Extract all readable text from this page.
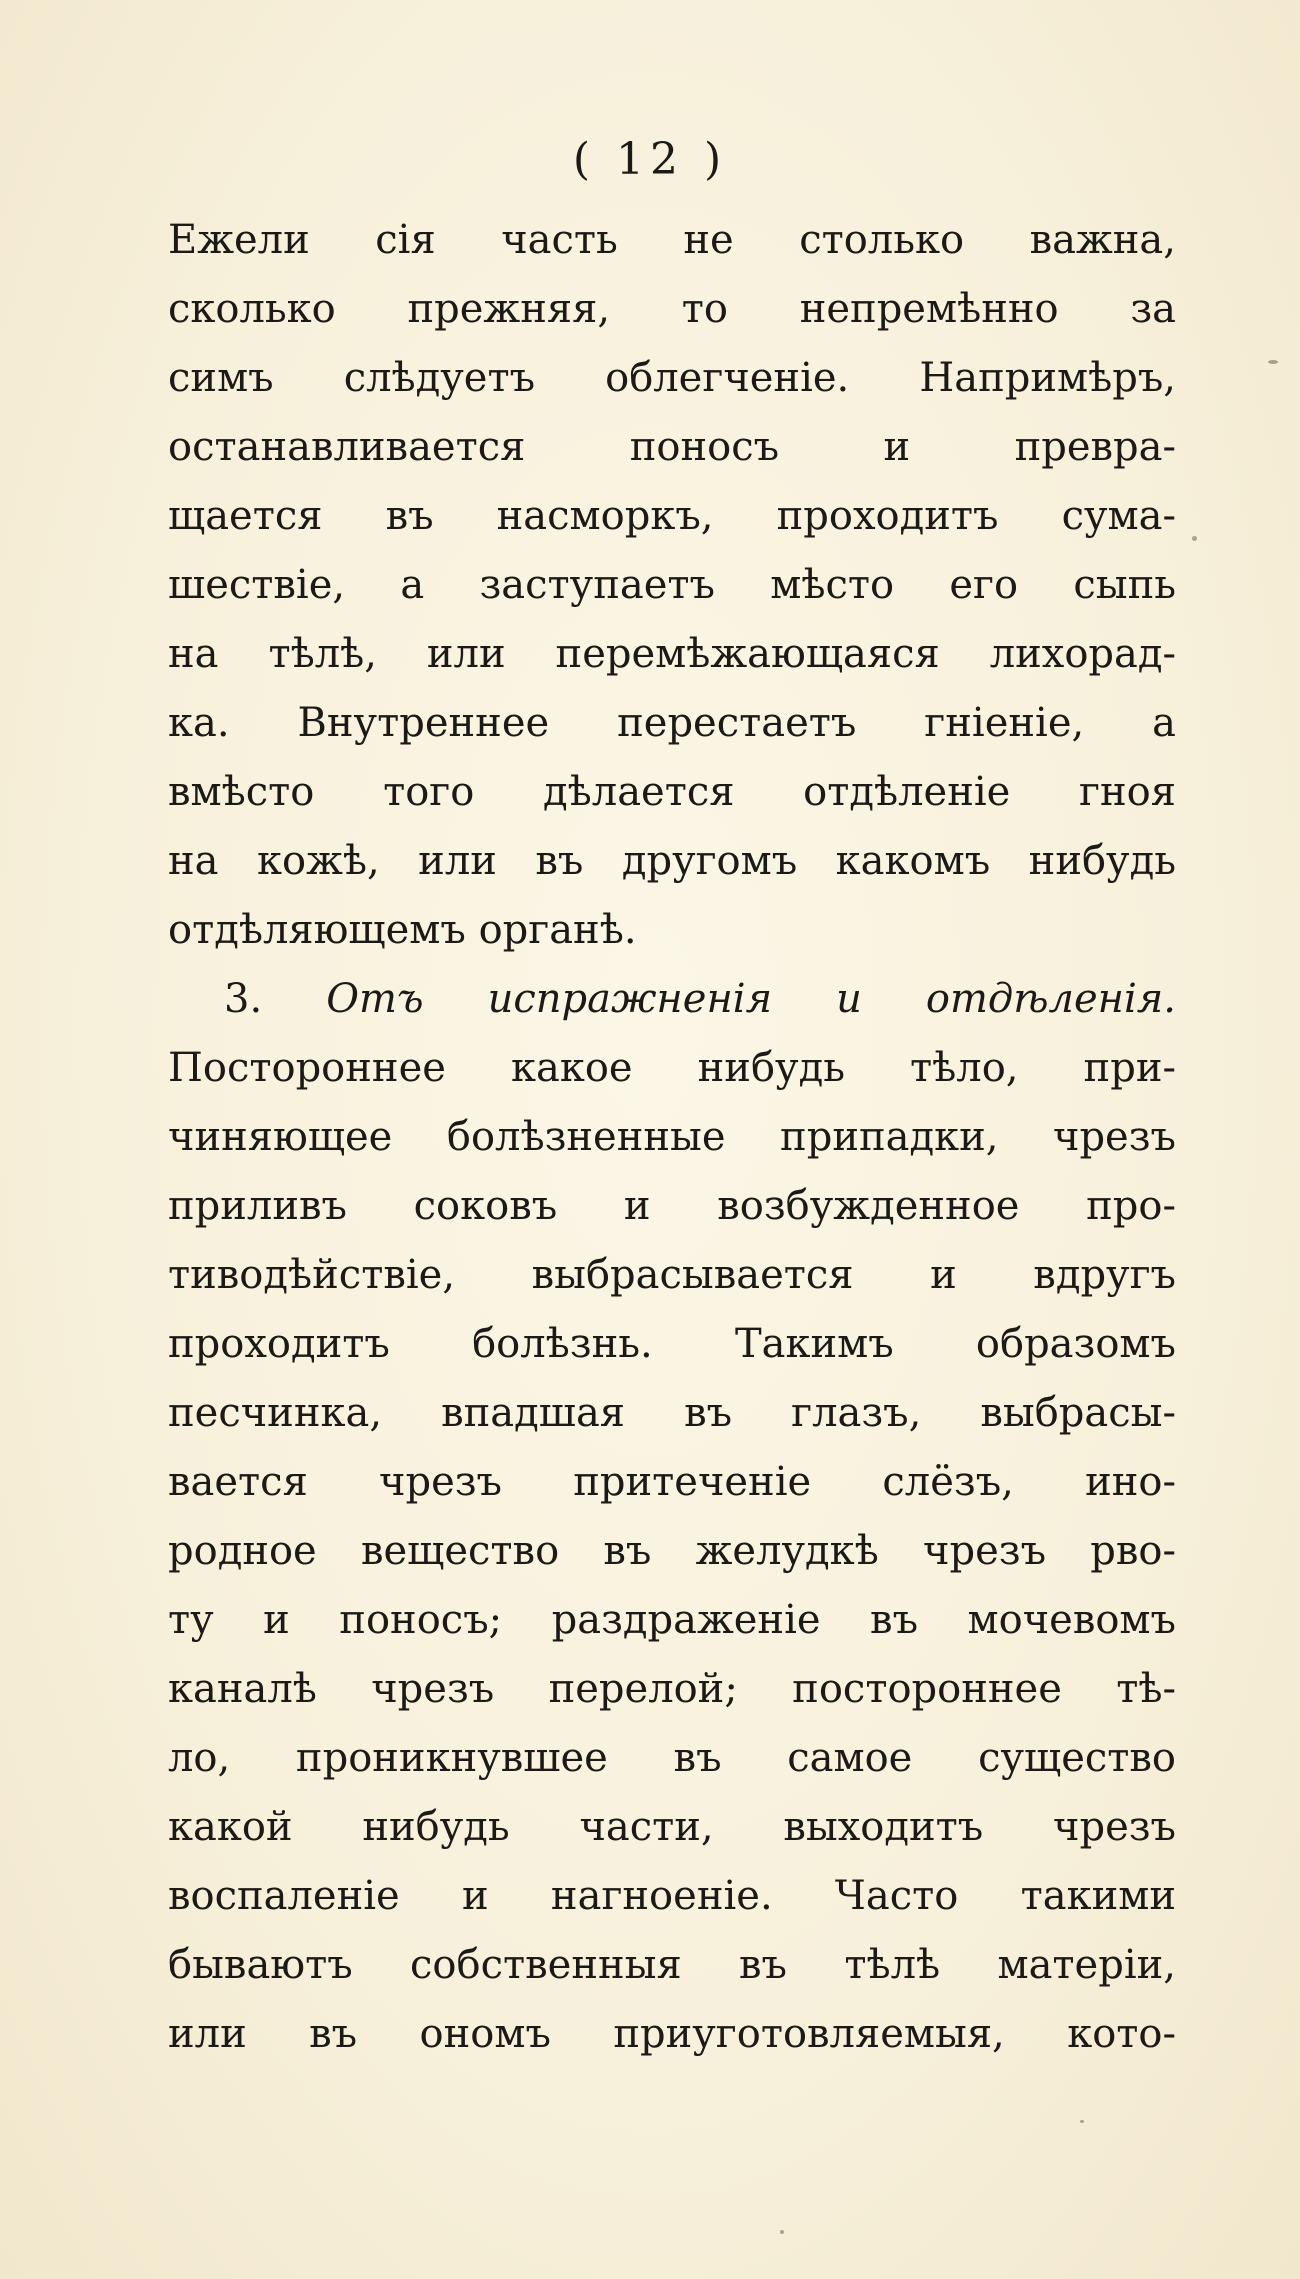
( 12 )
Ежели сія часть не столько важна,
сколько прежняя, то непремѣнно за
симъ слѣдуетъ облегченіе. Напримѣръ,
останавливается поносъ и превра-
щается въ насморкъ, проходитъ сума-
шествіе, а заступаетъ мѣсто его сыпь
на тѣлѣ, или перемѣжающаяся лихорад-
ка. Внутреннее перестаетъ гніеніе, а
вмѣсто того дѣлается отдѣленіе гноя
на кожѣ, или въ другомъ какомъ нибудь
отдѣляющемъ органѣ.
3. Отъ испражненія и отдѣленія.
Постороннее какое нибудь тѣло, при-
чиняющее болѣзненные припадки, чрезъ
приливъ соковъ и возбужденное про-
тиводѣйствіе, выбрасывается и вдругъ
проходитъ болѣзнь. Такимъ образомъ
песчинка, впадшая въ глазъ, выбрасы-
вается чрезъ притеченіе слёзъ, ино-
родное вещество въ желудкѣ чрезъ рво-
ту и поносъ; раздраженіе въ мочевомъ
каналѣ чрезъ перелой; постороннее тѣ-
ло, проникнувшее въ самое существо
какой нибудь части, выходитъ чрезъ
воспаленіе и нагноеніе. Часто такими
бываютъ собственныя въ тѣлѣ матеріи,
или въ ономъ приуготовляемыя, кото-
